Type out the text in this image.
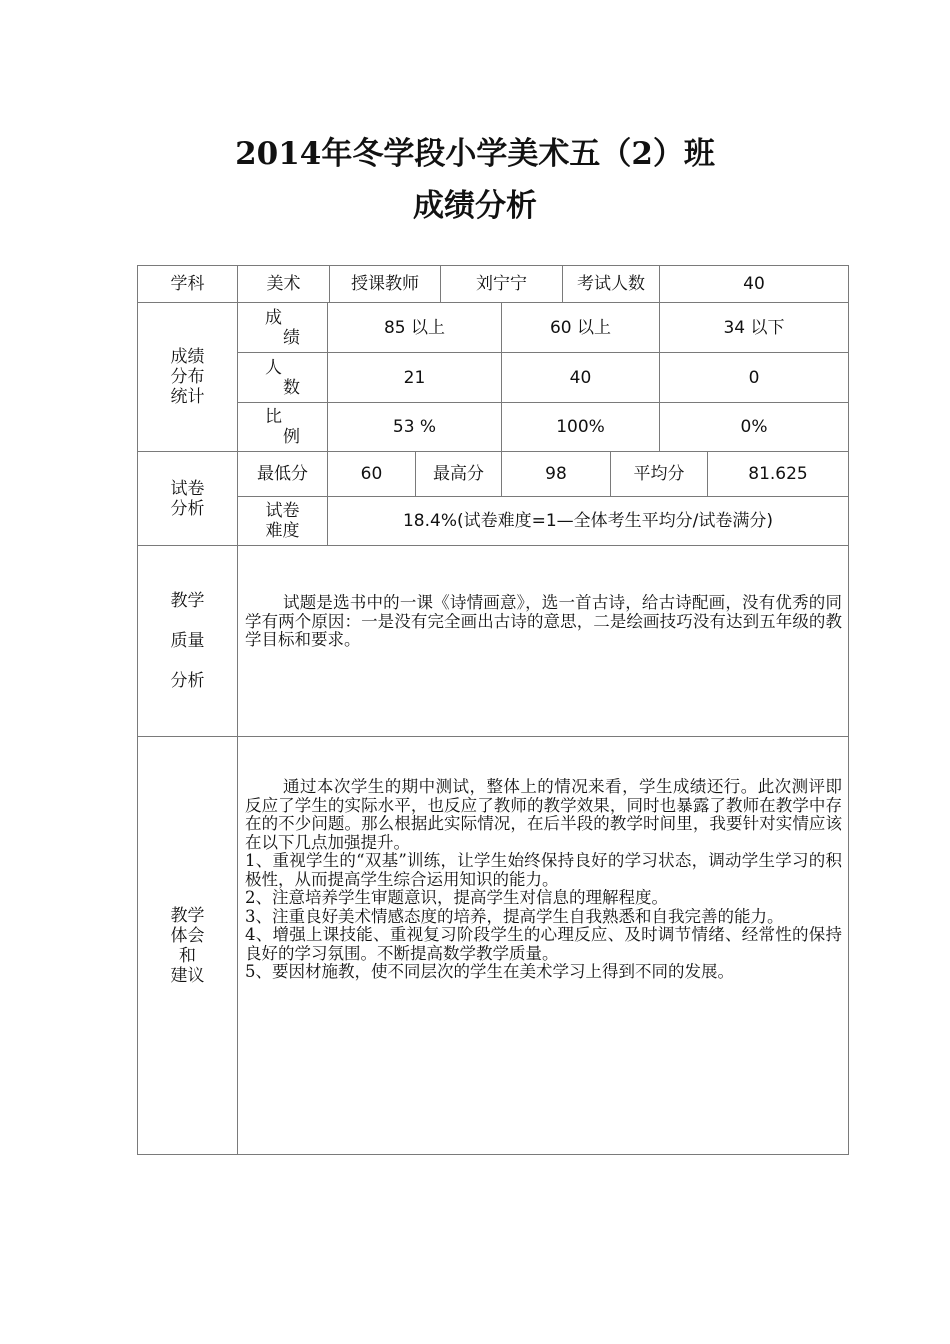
2014年冬学段小学美术五（2）班
成绩分析
学科	美术	授课教师	刘宁宁	考试人数	40
成绩
分布
统计
成
绩	85 以上	60 以上	34 以下
人
数	21	40	0
比
例	53 %	100%	0%
试卷
分析
最低分	60	最高分	98	平均分	81.625
试卷
难度	18.4%(试卷难度=1—全体考生平均分/试卷满分)
教学
质量
分析

试题是选书中的一课《诗情画意》，选一首古诗，给古诗配画，没有优秀的同学有两个原因：一是没有完全画出古诗的意思，二是绘画技巧没有达到五年级的教学目标和要求。

教学
体会
和
建议

通过本次学生的期中测试，整体上的情况来看，学生成绩还行。此次测评即反应了学生的实际水平，也反应了教师的教学效果，同时也暴露了教师在教学中存在的不少问题。那么根据此实际情况，在后半段的教学时间里，我要针对实情应该在以下几点加强提升。

1、重视学生的“双基”训练，让学生始终保持良好的学习状态，调动学生学习的积极性，从而提高学生综合运用知识的能力。

2、注意培养学生审题意识，提高学生对信息的理解程度。

3、注重良好美术情感态度的培养，提高学生自我熟悉和自我完善的能力。

4、增强上课技能、重视复习阶段学生的心理反应、及时调节情绪、经常性的保持良好的学习氛围。不断提高数学教学质量。

5、要因材施教，使不同层次的学生在美术学习上得到不同的发展。
